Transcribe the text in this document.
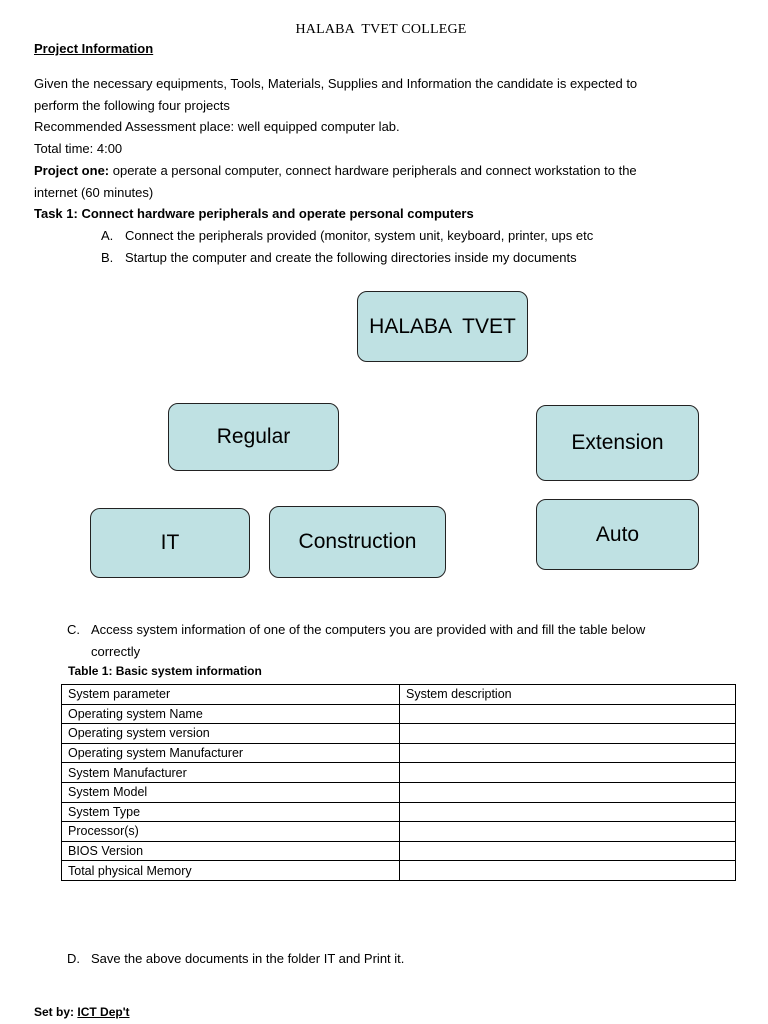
HALABA  TVET COLLEGE
Project Information
Given the necessary equipments, Tools, Materials, Supplies and Information the candidate is expected to
perform the following four projects
Recommended Assessment place: well equipped computer lab.
Total time: 4:00
Project one: operate a personal computer, connect hardware peripherals and connect workstation to the
internet (60 minutes)
Task 1: Connect hardware peripherals and operate personal computers
A. Connect the peripherals provided (monitor, system unit, keyboard, printer, ups etc
B. Startup the computer and create the following directories inside my documents
HALABA  TVET
Regular	Extension
IT	Construction	Auto
C. Access system information of one of the computers you are provided with and fill the table below
correctly
Table 1: Basic system information
System parameter	System description
Operating system Name	
Operating system version	
Operating system Manufacturer	
System Manufacturer	
System Model	
System Type	
Processor(s)	
BIOS Version	
Total physical Memory	
D. Save the above documents in the folder IT and Print it.
Set by: ICT Dep't
